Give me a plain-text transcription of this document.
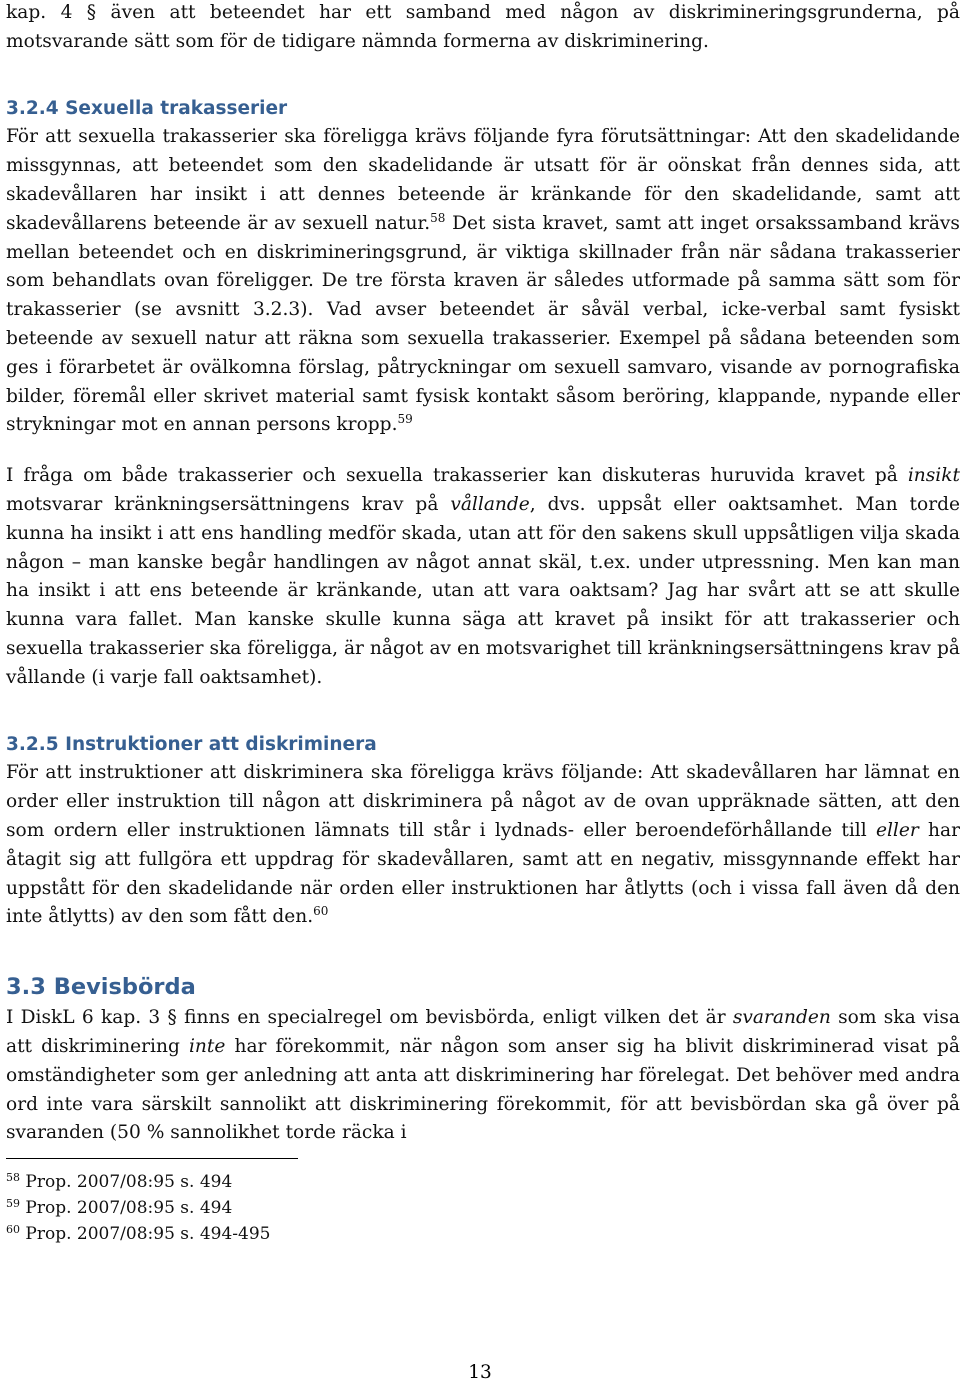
kap. 4 § även att beteendet har ett samband med någon av diskrimineringsgrunderna, på motsvarande sätt som för de tidigare nämnda formerna av diskriminering.

3.2.4 Sexuella trakasserier

För att sexuella trakasserier ska föreligga krävs följande fyra förutsättningar: Att den skadelidande missgynnas, att beteendet som den skadelidande är utsatt för är oönskat från dennes sida, att skadevållaren har insikt i att dennes beteende är kränkande för den skadelidande, samt att skadevållarens beteende är av sexuell natur.$^{58}$ Det sista kravet, samt att inget orsakssamband krävs mellan beteendet och en diskrimineringsgrund, är viktiga skillnader från när sådana trakasserier som behandlats ovan föreligger. De tre första kraven är således utformade på samma sätt som för trakasserier (se avsnitt 3.2.3). Vad avser beteendet är såväl verbal, icke-verbal samt fysiskt beteende av sexuell natur att räkna som sexuella trakasserier. Exempel på sådana beteenden som ges i förarbetet är ovälkomna förslag, påtryckningar om sexuell samvaro, visande av pornografiska bilder, föremål eller skrivet material samt fysisk kontakt såsom beröring, klappande, nypande eller strykningar mot en annan persons kropp.$^{59}$

I fråga om både trakasserier och sexuella trakasserier kan diskuteras huruvida kravet på insikt motsvarar kränkningsersättningens krav på vållande, dvs. uppsåt eller oaktsamhet. Man torde kunna ha insikt i att ens handling medför skada, utan att för den sakens skull uppsåtligen vilja skada någon – man kanske begår handlingen av något annat skäl, t.ex. under utpressning. Men kan man ha insikt i att ens beteende är kränkande, utan att vara oaktsam? Jag har svårt att se att skulle kunna vara fallet. Man kanske skulle kunna säga att kravet på insikt för att trakasserier och sexuella trakasserier ska föreligga, är något av en motsvarighet till kränkningsersättningens krav på vållande (i varje fall oaktsamhet).

3.2.5 Instruktioner att diskriminera

För att instruktioner att diskriminera ska föreligga krävs följande: Att skadevållaren har lämnat en order eller instruktion till någon att diskriminera på något av de ovan uppräknade sätten, att den som ordern eller instruktionen lämnats till står i lydnads- eller beroendeförhållande till eller har åtagit sig att fullgöra ett uppdrag för skadevållaren, samt att en negativ, missgynnande effekt har uppstått för den skadelidande när orden eller instruktionen har åtlytts (och i vissa fall även då den inte åtlytts) av den som fått den.$^{60}$

3.3 Bevisbörda

I DiskL 6 kap. 3 § finns en specialregel om bevisbörda, enligt vilken det är svaranden som ska visa att diskriminering inte har förekommit, när någon som anser sig ha blivit diskriminerad visat på omständigheter som ger anledning att anta att diskriminering har förelegat. Det behöver med andra ord inte vara särskilt sannolikt att diskriminering förekommit, för att bevisbördan ska gå över på svaranden (50 % sannolikhet torde räcka i

$^{58}$ Prop. 2007/08:95 s. 494
$^{59}$ Prop. 2007/08:95 s. 494
$^{60}$ Prop. 2007/08:95 s. 494-495
13
